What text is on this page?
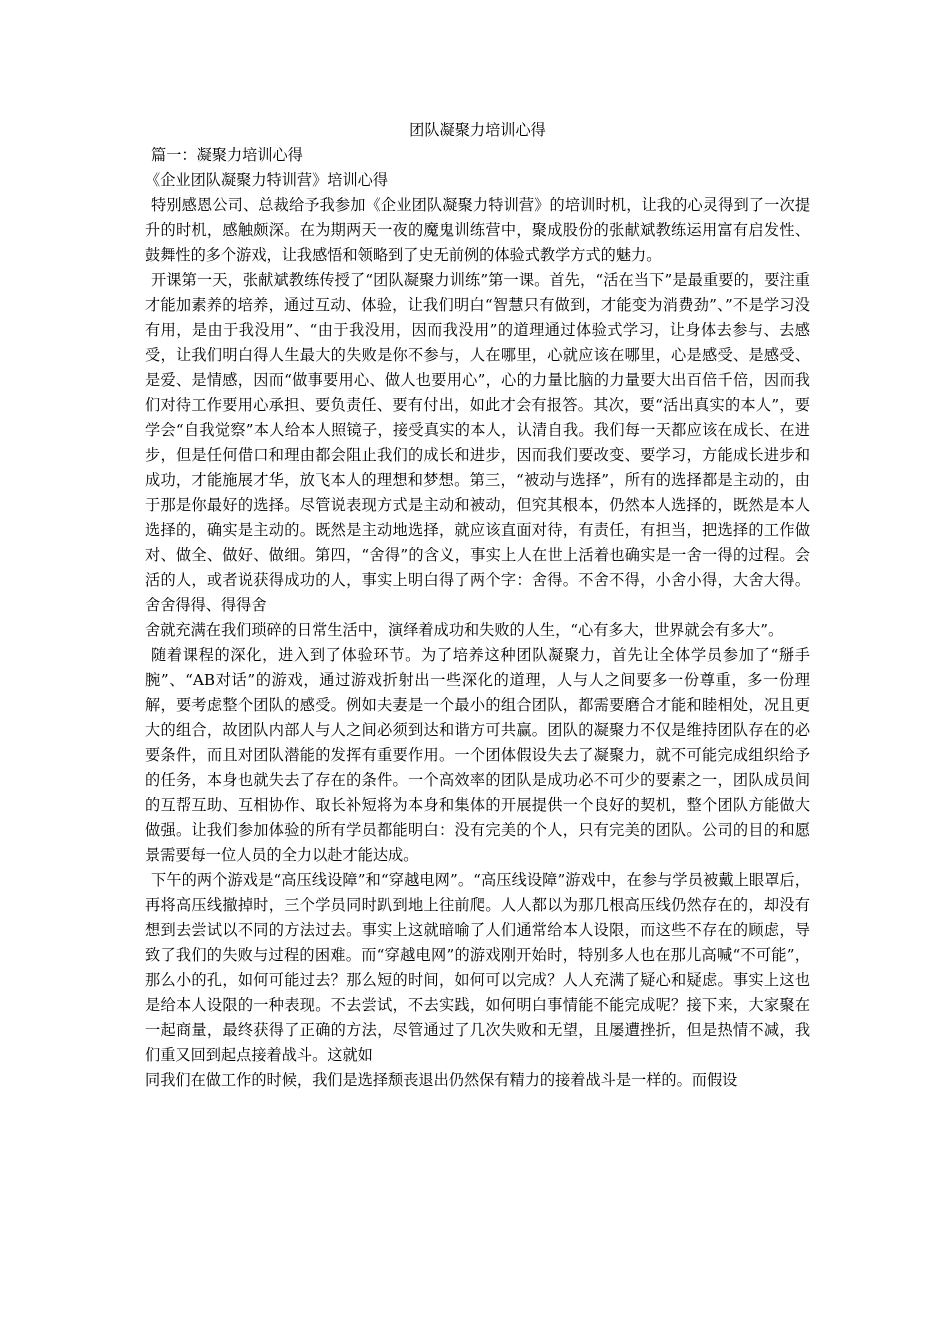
团队凝聚力培训心得
篇一：凝聚力培训心得
《企业团队凝聚力特训营》培训心得

特别感恩公司、总裁给予我参加《企业团队凝聚力特训营》的培训时机，让我的心灵得到了一次提升的时机，感触颇深。在为期两天一夜的魔鬼训练营中，聚成股份的张献斌教练运用富有启发性、鼓舞性的多个游戏，让我感悟和领略到了史无前例的体验式教学方式的魅力。

开课第一天，张献斌教练传授了“团队凝聚力训练”第一课。首先，“活在当下”是最重要的，要注重才能加素养的培养，通过互动、体验，让我们明白“智慧只有做到，才能变为消费劲”、”不是学习没有用，是由于我没用”、“由于我没用，因而我没用”的道理通过体验式学习，让身体去参与、去感受，让我们明白得人生最大的失败是你不参与，人在哪里，心就应该在哪里，心是感受、是感受、是爱、是情感，因而“做事要用心、做人也要用心”，心的力量比脑的力量要大出百倍千倍，因而我们对待工作要用心承担、要负责任、要有付出，如此才会有报答。其次，要“活出真实的本人”，要学会“自我觉察”本人给本人照镜子，接受真实的本人，认清自我。我们每一天都应该在成长、在进步，但是任何借口和理由都会阻止我们的成长和进步，因而我们要改变、要学习，方能成长进步和成功，才能施展才华，放飞本人的理想和梦想。第三，“被动与选择”，所有的选择都是主动的，由于那是你最好的选择。尽管说表现方式是主动和被动，但究其根本，仍然本人选择的，既然是本人选择的，确实是主动的。既然是主动地选择，就应该直面对待，有责任，有担当，把选择的工作做对、做全、做好、做细。第四，“舍得”的含义，事实上人在世上活着也确实是一舍一得的过程。会活的人，或者说获得成功的人，事实上明白得了两个字：舍得。不舍不得，小舍小得，大舍大得。舍舍得得、得得舍

舍就充满在我们琐碎的日常生活中，演绎着成功和失败的人生，“心有多大，世界就会有多大”。

随着课程的深化，进入到了体验环节。为了培养这种团队凝聚力，首先让全体学员参加了“掰手腕”、“AB对话”的游戏，通过游戏折射出一些深化的道理，人与人之间要多一份尊重，多一份理解，要考虑整个团队的感受。例如夫妻是一个最小的组合团队，都需要磨合才能和睦相处，况且更大的组合，故团队内部人与人之间必须到达和谐方可共赢。团队的凝聚力不仅是维持团队存在的必要条件，而且对团队潜能的发挥有重要作用。一个团体假设失去了凝聚力，就不可能完成组织给予的任务，本身也就失去了存在的条件。一个高效率的团队是成功必不可少的要素之一，团队成员间的互帮互助、互相协作、取长补短将为本身和集体的开展提供一个良好的契机，整个团队方能做大做强。让我们参加体验的所有学员都能明白：没有完美的个人，只有完美的团队。公司的目的和愿景需要每一位人员的全力以赴才能达成。

下午的两个游戏是“高压线设障”和“穿越电网”。“高压线设障”游戏中，在参与学员被戴上眼罩后，再将高压线撤掉时，三个学员同时趴到地上往前爬。人人都以为那几根高压线仍然存在的，却没有想到去尝试以不同的方法过去。事实上这就暗喻了人们通常给本人设限，而这些不存在的顾虑，导致了我们的失败与过程的困难。而“穿越电网”的游戏刚开始时，特别多人也在那儿高喊“不可能”，那么小的孔，如何可能过去？那么短的时间，如何可以完成？人人充满了疑心和疑虑。事实上这也是给本人设限的一种表现。不去尝试，不去实践，如何明白事情能不能完成呢？接下来，大家聚在一起商量，最终获得了正确的方法，尽管通过了几次失败和无望，且屡遭挫折，但是热情不减，我们重又回到起点接着战斗。这就如

同我们在做工作的时候，我们是选择颓丧退出仍然保有精力的接着战斗是一样的。而假设
